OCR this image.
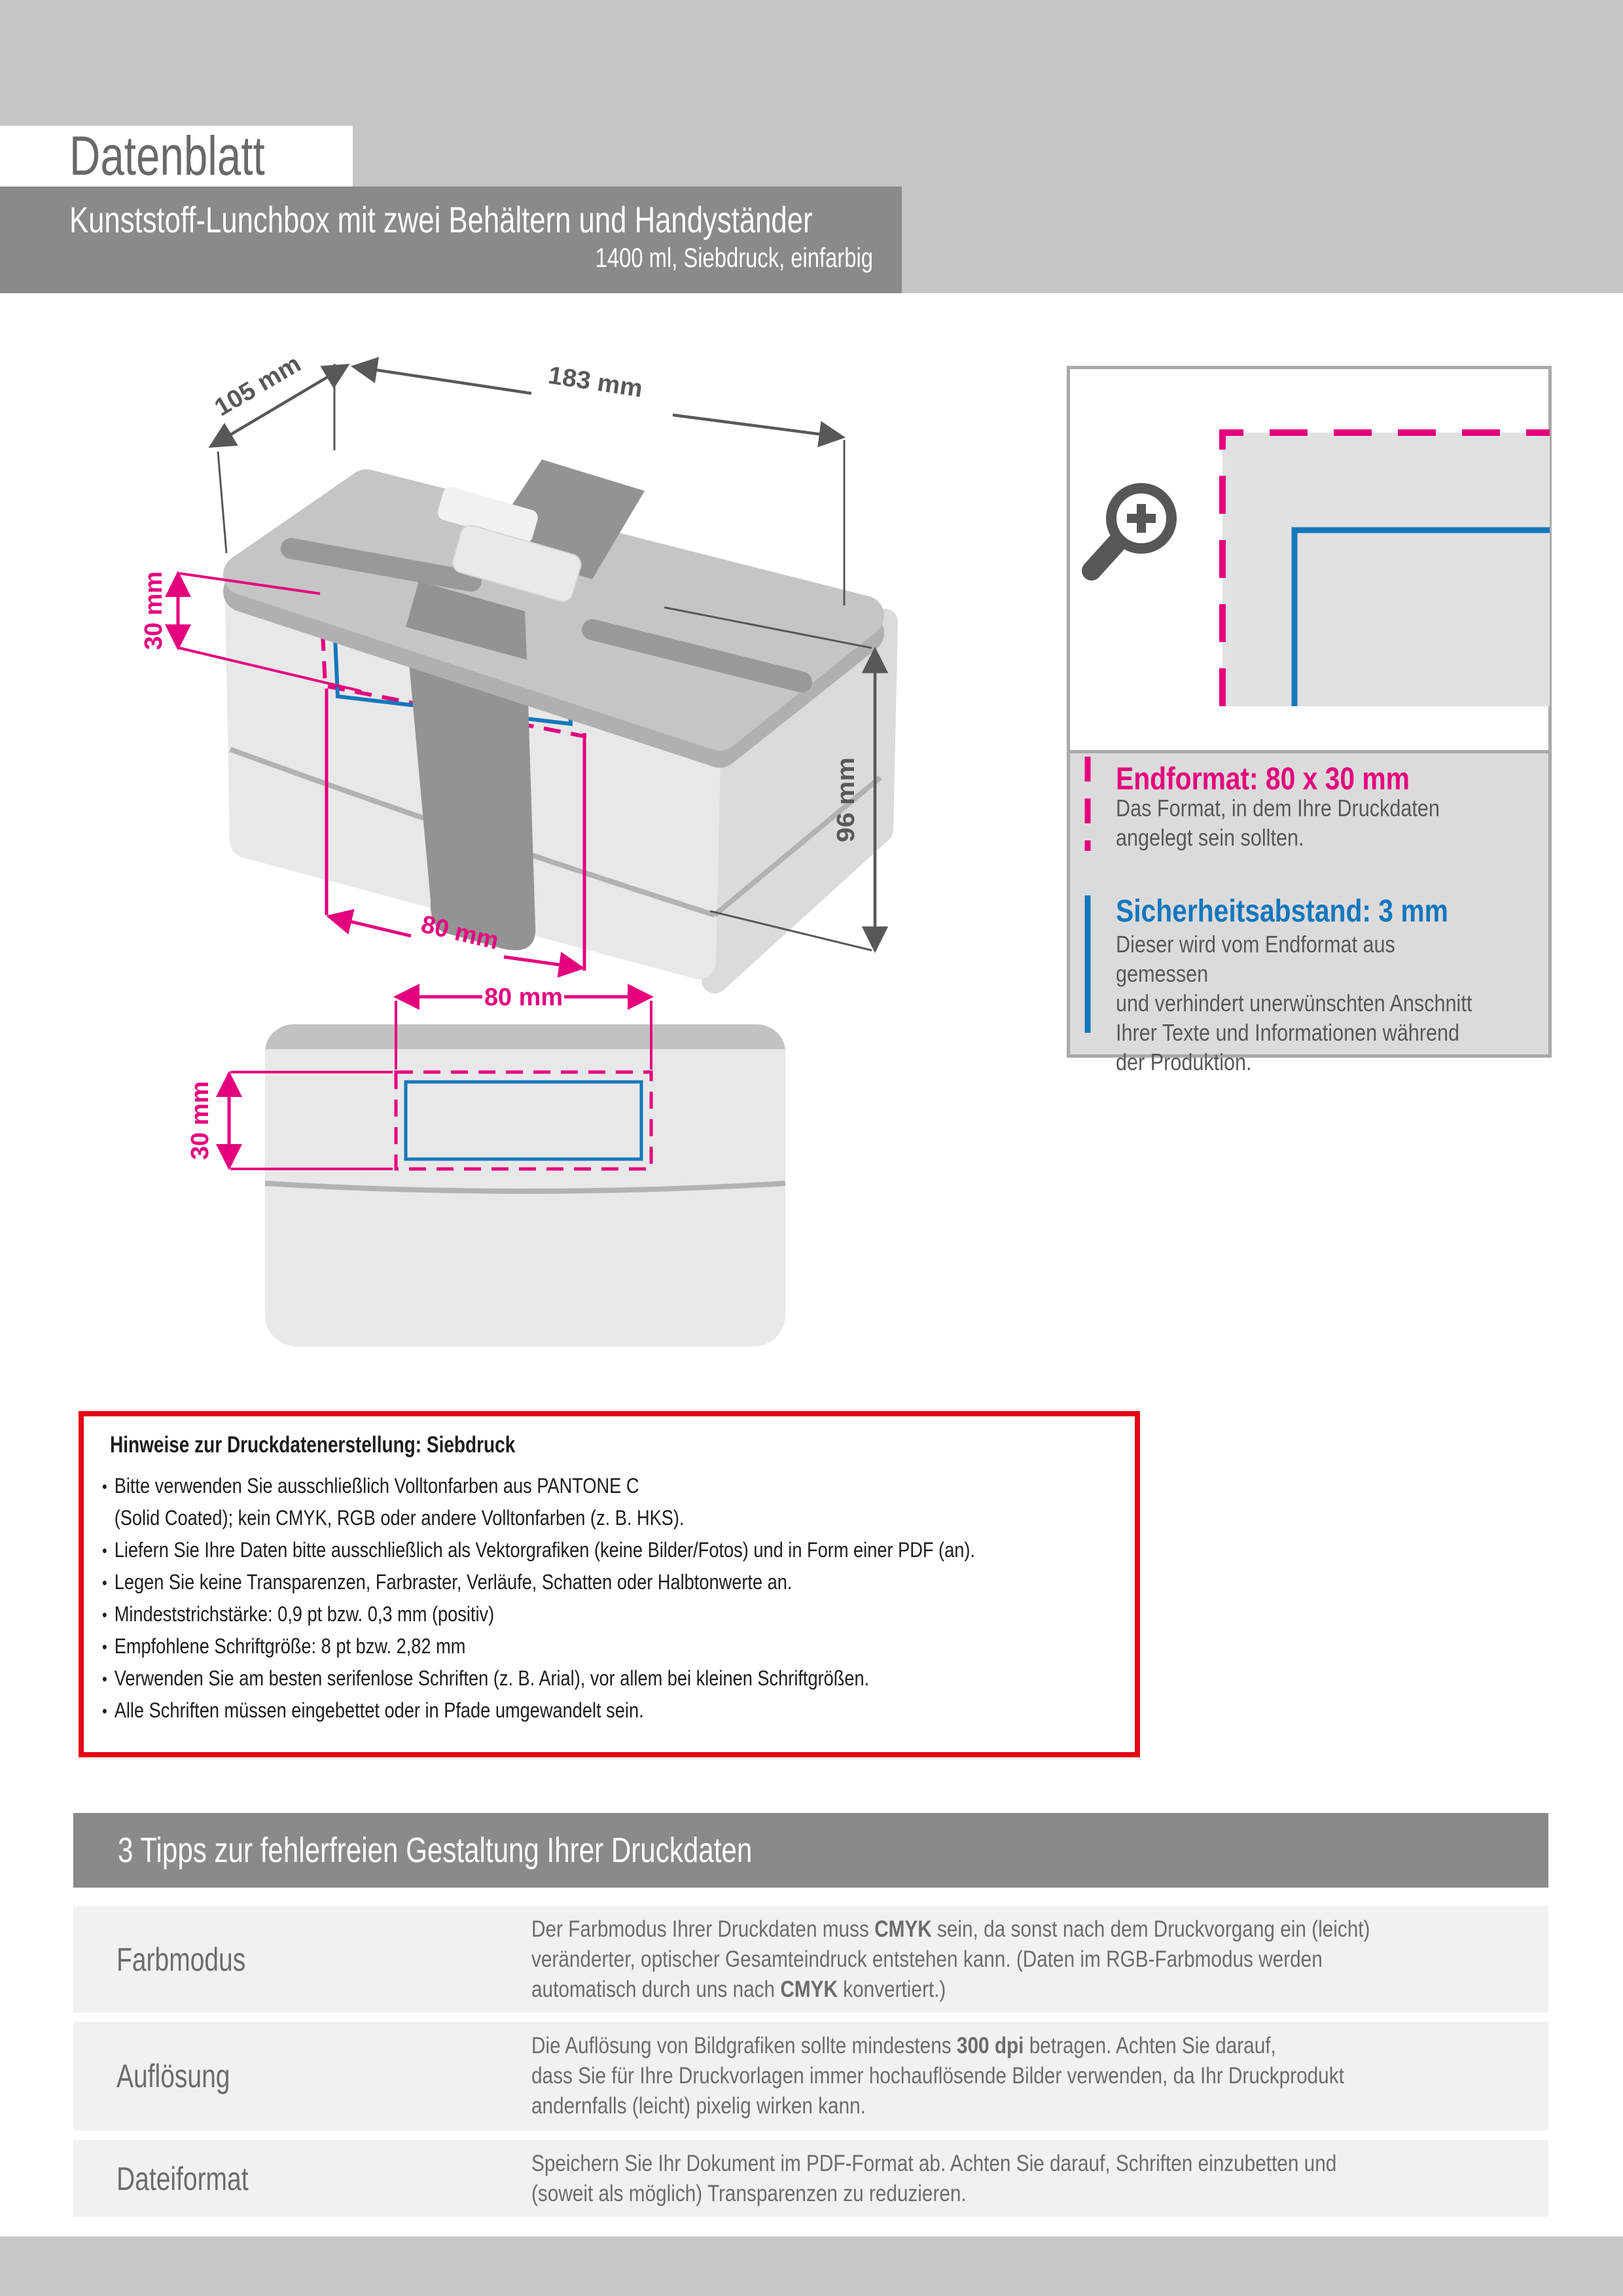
Datenblatt
Kunststoff-Lunchbox mit zwei Behältern und Handyständer
1400 ml, Siebdruck, einfarbig
Endformat: 80 x 30 mm
Das Format, in dem Ihre Druckdaten
angelegt sein sollten.
Sicherheitsabstand: 3 mm
Dieser wird vom Endformat aus gemessen
und verhindert unerwünschten Anschnitt
Ihrer Texte und Informationen während
der Produktion.
Hinweise zur Druckdatenerstellung: Siebdruck
• Bitte verwenden Sie ausschließlich Volltonfarben aus PANTONE C
(Solid Coated); kein CMYK, RGB oder andere Volltonfarben (z. B. HKS).
• Liefern Sie Ihre Daten bitte ausschließlich als Vektorgrafiken (keine Bilder/Fotos) und in Form einer PDF (an).
• Legen Sie keine Transparenzen, Farbraster, Verläufe, Schatten oder Halbtonwerte an.
• Mindeststrichstärke: 0,9 pt bzw. 0,3 mm (positiv)
• Empfohlene Schriftgröße: 8 pt bzw. 2,82 mm
• Verwenden Sie am besten serifenlose Schriften (z. B. Arial), vor allem bei kleinen Schriftgrößen.
• Alle Schriften müssen eingebettet oder in Pfade umgewandelt sein.
3 Tipps zur fehlerfreien Gestaltung Ihrer Druckdaten
Farbmodus
Der Farbmodus Ihrer Druckdaten muss CMYK sein, da sonst nach dem Druckvorgang ein (leicht)
veränderter, optischer Gesamteindruck entstehen kann. (Daten im RGB-Farbmodus werden
automatisch durch uns nach CMYK konvertiert.)
Auflösung
Die Auflösung von Bildgrafiken sollte mindestens 300 dpi betragen. Achten Sie darauf,
dass Sie für Ihre Druckvorlagen immer hochauflösende Bilder verwenden, da Ihr Druckprodukt
andernfalls (leicht) pixelig wirken kann.
Dateiformat	Speichern Sie Ihr Dokument im PDF-Format ab. Achten Sie darauf, Schriften einzubetten und
(soweit als möglich) Transparenzen zu reduzieren.
105 mm	183 mm
96 mm
30 mm
80 mm
80 mm
30 mm
